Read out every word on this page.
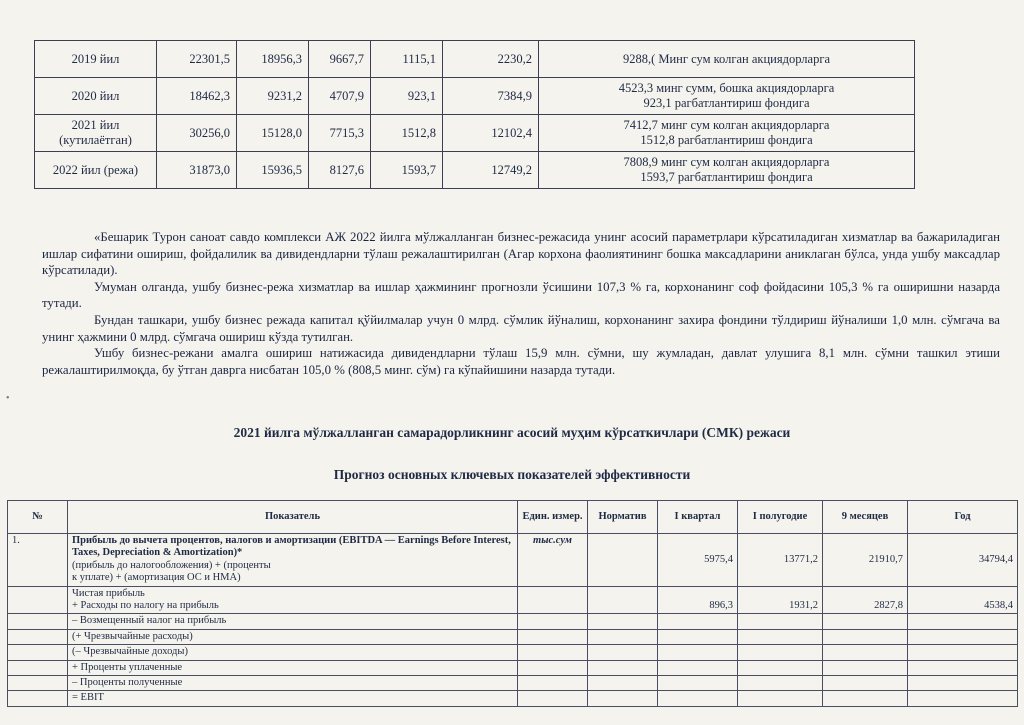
2019 йил	22301,5	18956,3	9667,7	1115,1	2230,2	9288,( Минг сум колган акциядорларга

2020 йил	18462,3	9231,2	4707,9	923,1	7384,9	4523,3 минг сумм, бошка акциядорларга
923,1 рагбатлантириш фондига

2021 йил (кутилаётган)	30256,0	15128,0	7715,3	1512,8	12102,4	7412,7 минг сум колган акциядорларга
1512,8 рагбатлантириш фондига

2022 йил (режа)	31873,0	15936,5	8127,6	1593,7	12749,2	7808,9 минг сум колган акциядорларга
1593,7 рагбатлантириш фондига

«Бешарик Турон саноат савдо комплекси АЖ 2022 йилга мўлжалланган бизнес-режасида унинг асосий параметрлари кўрсатиладиган хизматлар ва бажариладиган ишлар сифатини ошириш, фойдалилик ва дивидендларни тўлаш режалаштирилган (Агар корхона фаолиятининг бошка максадларини аниклаган бўлса, унда ушбу максадлар кўрсатилади).

Умуман олганда, ушбу бизнес-режа хизматлар ва ишлар ҳажмининг прогнозли ўсишини 107,3 % га, корхонанинг соф фойдасини 105,3 % га оширишни назарда тутади.

Бундан ташкари, ушбу бизнес режада капитал қўйилмалар учун 0 млрд. сўмлик йўналиш, корхонанинг захира фондини тўлдириш йўналиши 1,0 млн. сўмгача ва унинг ҳажмини 0 млрд. сўмгача ошириш кўзда тутилган.

Ушбу бизнес-режани амалга ошириш натижасида дивидендларни тўлаш 15,9 млн. сўмни, шу жумладан, давлат улушига 8,1 млн. сўмни ташкил этиши режалаштирилмоқда, бу ўтган даврга нисбатан 105,0 % (808,5 минг. сўм) га кўпайишини назарда тутади.

•
2021 йилга мўлжалланган самарадорликнинг асосий муҳим кўрсаткичлари (СМК) режаси
Прогноз основных ключевых показателей эффективности
№	Показатель	Един. измер.	Норматив	I квартал	I полугодие	9 месяцев	Год
1.	Прибыль до вычета процентов, налогов и амортизации (EBITDA — Earnings Before Interest, Taxes, Depreciation & Amortization)*
(прибыль до налогообложения) + (проценты
к уплате) + (амортизация ОС и НМА)	тыс.сум		5975,4	13771,2	21910,7	34794,4

	Чистая прибыль
+ Расходы по налогу на прибыль			896,3	1931,2	2827,8	4538,4
	– Возмещенный налог на прибыль						
	(+ Чрезвычайные расходы)						
	(– Чрезвычайные доходы)						
	+ Проценты уплаченные						
	– Проценты полученные						
	= EBIT						
